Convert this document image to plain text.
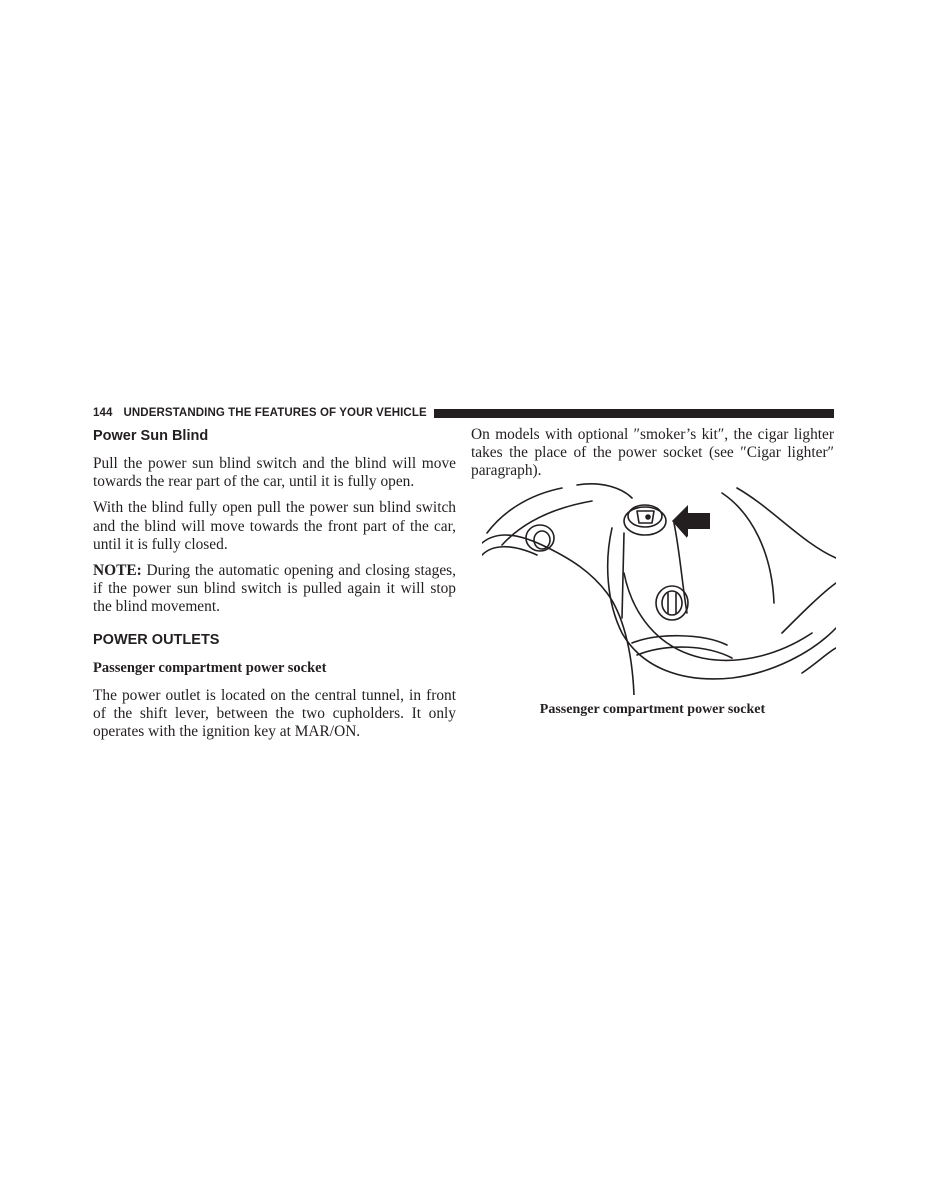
144 UNDERSTANDING THE FEATURES OF YOUR VEHICLE
Power Sun Blind

Pull the power sun blind switch and the blind will move towards the rear part of the car, until it is fully open.

With the blind fully open pull the power sun blind switch and the blind will move towards the front part of the car, until it is fully closed.

NOTE: During the automatic opening and closing stages, if the power sun blind switch is pulled again it will stop the blind movement.

POWER OUTLETS
Passenger compartment power socket

The power outlet is located on the central tunnel, in front of the shift lever, between the two cupholders. It only operates with the ignition key at MAR/ON.

On models with optional ″smoker’s kit″, the cigar lighter takes the place of the power socket (see ″Cigar lighter″ paragraph).

Passenger compartment power socket
